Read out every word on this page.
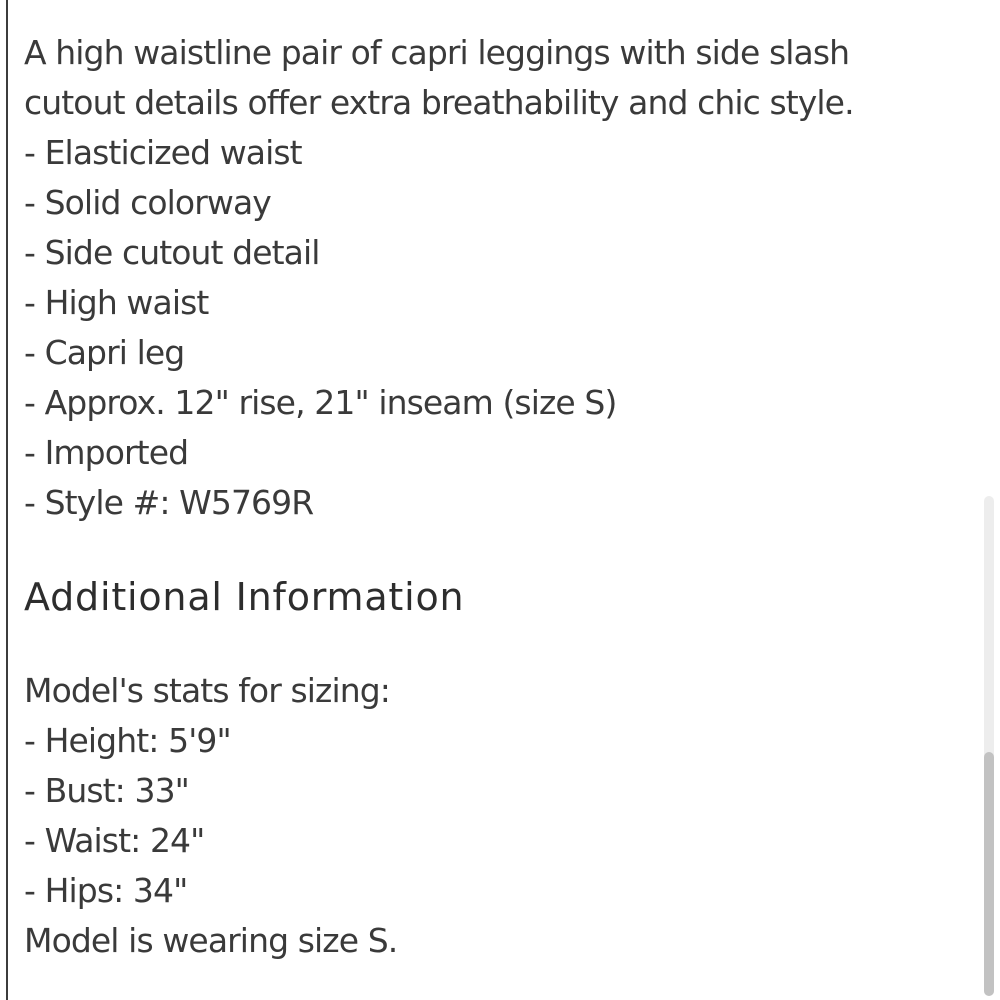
A high waistline pair of capri leggings with side slash
cutout details offer extra breathability and chic style.
- Elasticized waist
- Solid colorway
- Side cutout detail
- High waist
- Capri leg
- Approx. 12" rise, 21" inseam (size S)
- Imported
- Style #: W5769R
Additional Information
Model's stats for sizing:
- Height: 5'9"
- Bust: 33"
- Waist: 24"
- Hips: 34"
Model is wearing size S.
